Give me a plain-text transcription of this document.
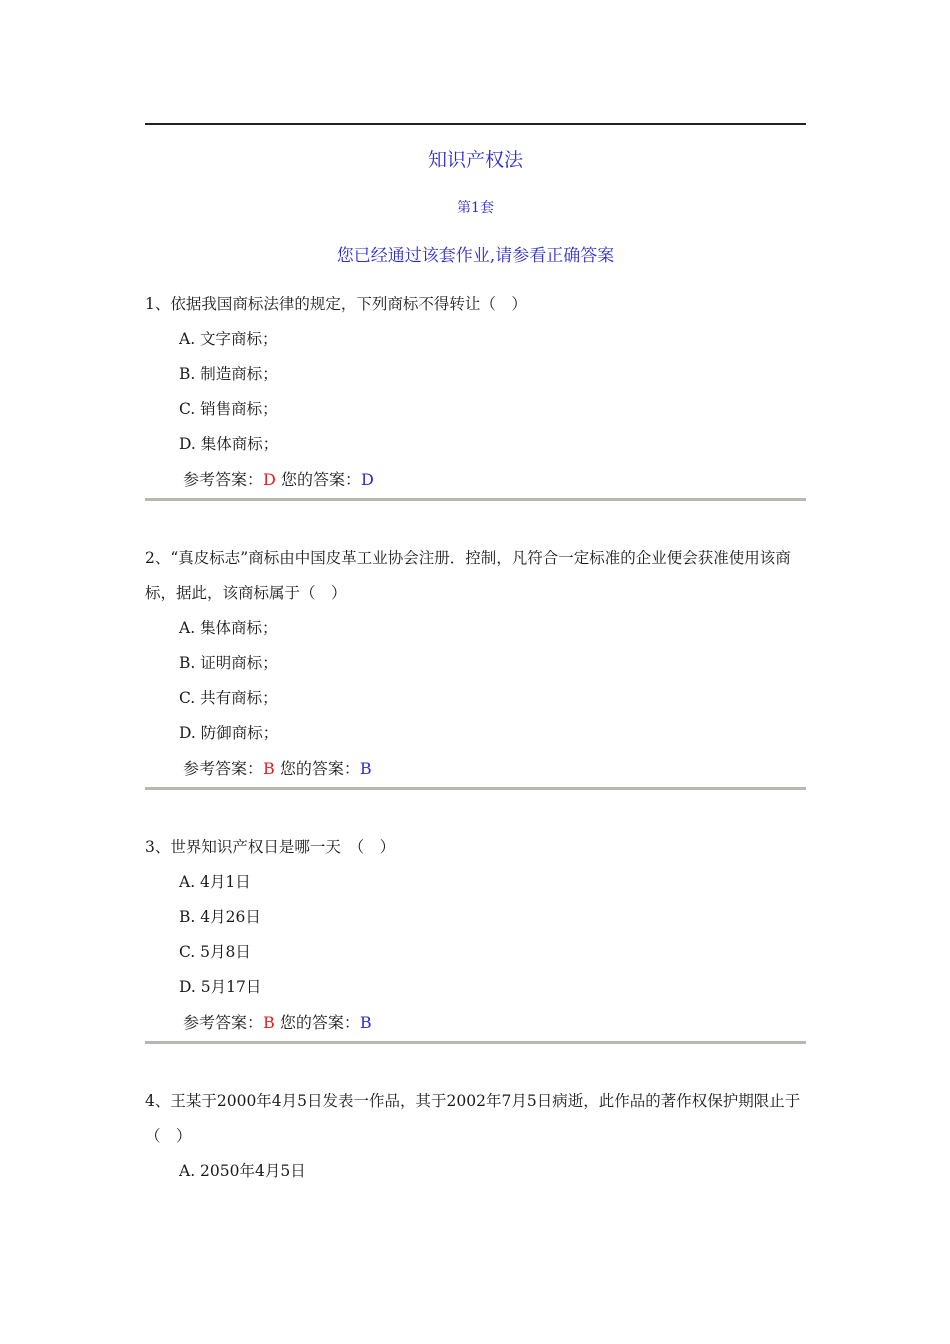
知识产权法
第1套
您已经通过该套作业,请参看正确答案

1、依据我国商标法律的规定，下列商标不得转让（　）

A. 文字商标；

B. 制造商标；

C. 销售商标；

D. 集体商标；

参考答案：D 您的答案：D

2、“真皮标志”商标由中国皮革工业协会注册．控制，凡符合一定标准的企业便会获准使用该商标，据此，该商标属于（　）

A. 集体商标；

B. 证明商标；

C. 共有商标；

D. 防御商标；

参考答案：B 您的答案：B

3、世界知识产权日是哪一天　（　）

A. 4月1日

B. 4月26日

C. 5月8日

D. 5月17日

参考答案：B 您的答案：B

4、王某于2000年4月5日发表一作品，其于2002年7月5日病逝，此作品的著作权保护期限止于　（　）

A. 2050年4月5日
